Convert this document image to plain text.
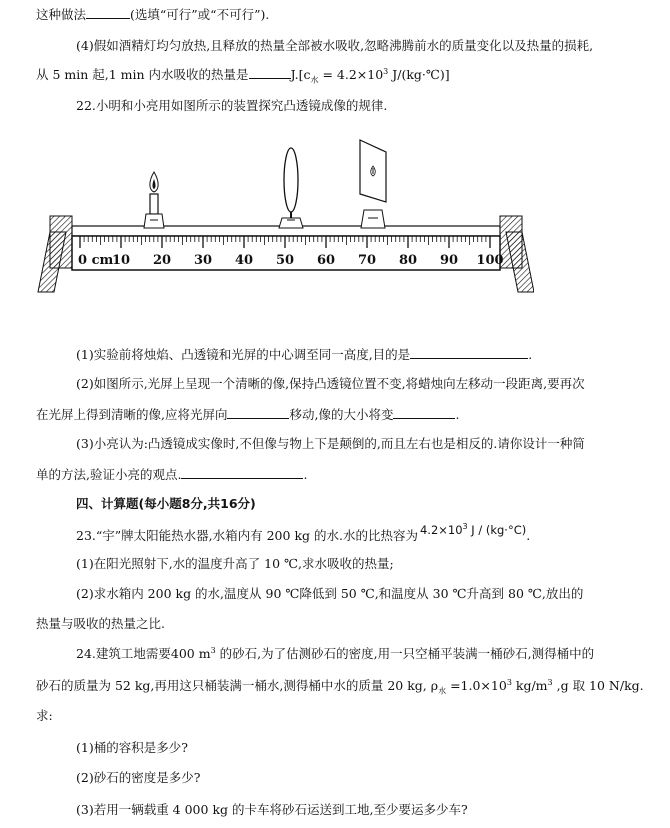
这种做法	(选填“可行”或“不可行”).
(4)假如酒精灯均匀放热,且释放的热量全部被水吸收,忽略沸腾前水的质量变化以及热量的损耗,
从 5 min 起,1 min 内水吸收的热量是	$J.[c_水 = 4.2\times 10^3$ J/(kg·℃)]
22.小明和小亮用如图所示的装置探究凸透镜成像的规律.
0 cm
10 20 30 40 50 60 70 80 90 100
(1)实验前将烛焰、凸透镜和光屏的中心调至同一高度,目的是	.
(2)如图所示,光屏上呈现一个清晰的像,保持凸透镜位置不变,将蜡烛向左移动一段距离,要再次
在光屏上得到清晰的像,应将光屏向	移动,像的大小将变	.
(3)小亮认为:凸透镜成实像时,不但像与物上下是颠倒的,而且左右也是相反的.请你设计一种简
单的方法,验证小亮的观点.	.
四、计算题(每小题8分,共16分)
23.“宇”牌太阳能热水器,水箱内有 200 kg 的水.水的比热容为 $4.2\times 10^3$ J / (kg·°C).
(1)在阳光照射下,水的温度升高了 10 ℃,求水吸收的热量;
(2)求水箱内 200 kg 的水,温度从 90 ℃降低到 50 ℃,和温度从 30 ℃升高到 80 ℃,放出的
热量与吸收的热量之比.
24.建筑工地需要400 $m^3$ 的砂石,为了估测砂石的密度,用一只空桶平装满一桶砂石,测得桶中的
砂石的质量为 52 kg,再用这只桶装满一桶水,测得桶中水的质量 20 kg, $\rho_水 =1.0\times 10^3$ $kg/m^3$ ,g 取 10 N/kg.
求:
(1)桶的容积是多少?
(2)砂石的密度是多少?
(3)若用一辆载重 4 000 kg 的卡车将砂石运送到工地,至少要运多少车?
